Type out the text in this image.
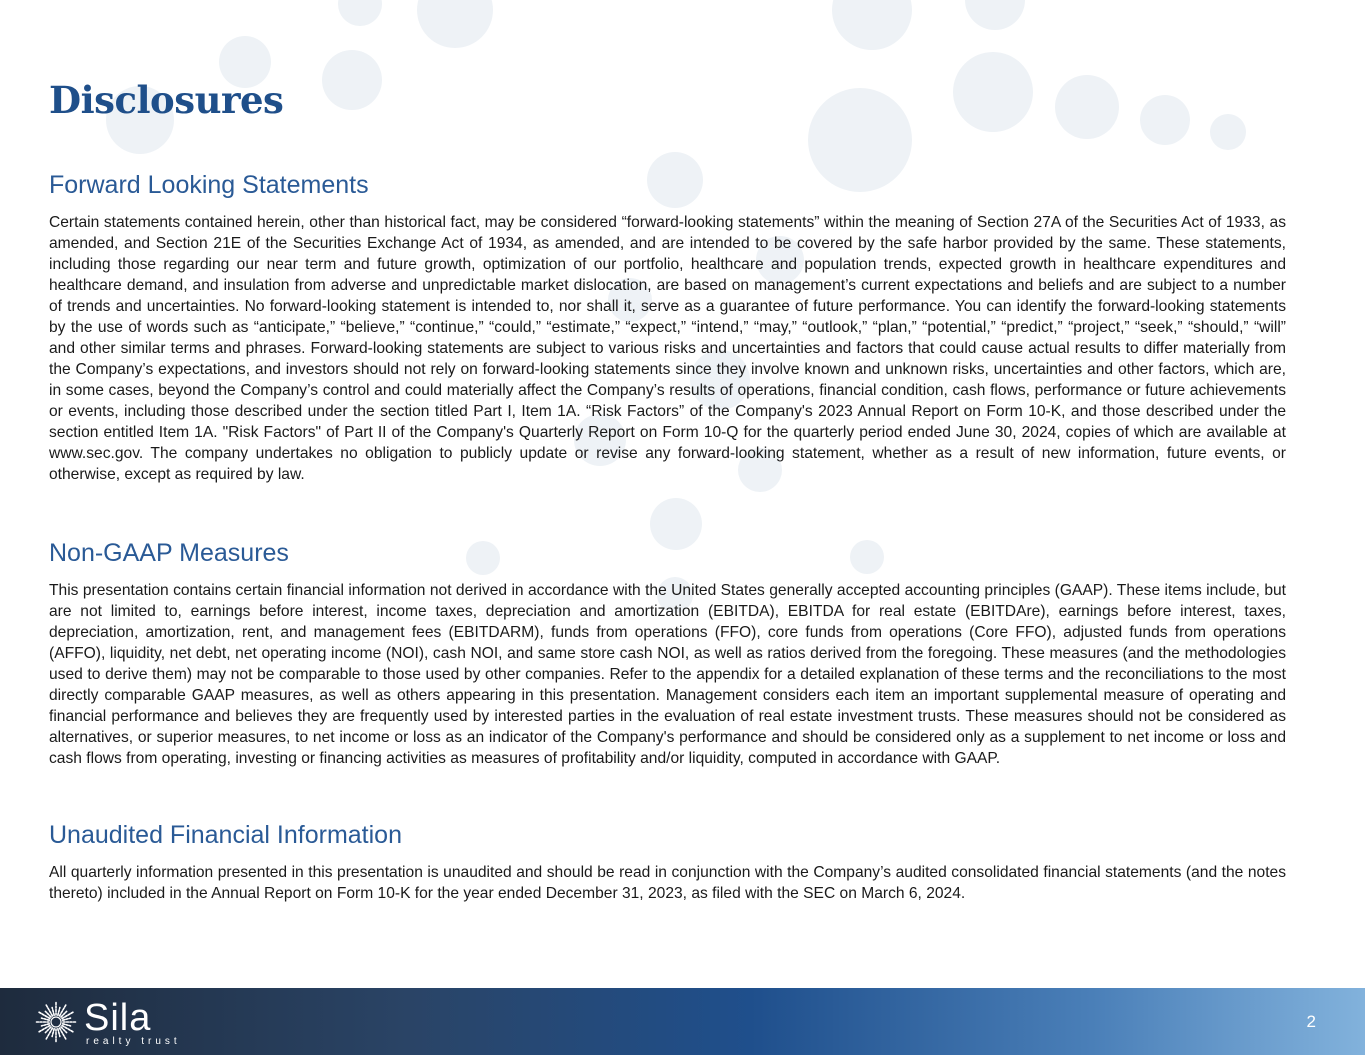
Disclosures
Forward Looking Statements

Certain statements contained herein, other than historical fact, may be considered “forward-looking statements” within the meaning of Section 27A of the Securities Act of 1933, as amended, and Section 21E of the Securities Exchange Act of 1934, as amended, and are intended to be covered by the safe harbor provided by the same. These statements, including those regarding our near term and future growth, optimization of our portfolio, healthcare and population trends, expected growth in healthcare expenditures and healthcare demand, and insulation from adverse and unpredictable market dislocation, are based on management’s current expectations and beliefs and are subject to a number of trends and uncertainties. No forward-looking statement is intended to, nor shall it, serve as a guarantee of future performance. You can identify the forward-looking statements by the use of words such as “anticipate,” “believe,” “continue,” “could,” “estimate,” “expect,” “intend,” “may,” “outlook,” “plan,” “potential,” “predict,” “project,” “seek,” “should,” “will” and other similar terms and phrases. Forward-looking statements are subject to various risks and uncertainties and factors that could cause actual results to differ materially from the Company’s expectations, and investors should not rely on forward-looking statements since they involve known and unknown risks, uncertainties and other factors, which are, in some cases, beyond the Company’s control and could materially affect the Company’s results of operations, financial condition, cash flows, performance or future achievements or events, including those described under the section titled Part I, Item 1A. “Risk Factors” of the Company's 2023 Annual Report on Form 10-K, and those described under the section entitled Item 1A. "Risk Factors" of Part II of the Company's Quarterly Report on Form 10-Q for the quarterly period ended June 30, 2024, copies of which are available at www.sec.gov. The company undertakes no obligation to publicly update or revise any forward-looking statement, whether as a result of new information, future events, or otherwise, except as required by law.

Non-GAAP Measures

This presentation contains certain financial information not derived in accordance with the United States generally accepted accounting principles (GAAP). These items include, but are not limited to, earnings before interest, income taxes, depreciation and amortization (EBITDA), EBITDA for real estate (EBITDAre), earnings before interest, taxes, depreciation, amortization, rent, and management fees (EBITDARM), funds from operations (FFO), core funds from operations (Core FFO), adjusted funds from operations (AFFO), liquidity, net debt, net operating income (NOI), cash NOI, and same store cash NOI, as well as ratios derived from the foregoing. These measures (and the methodologies used to derive them) may not be comparable to those used by other companies. Refer to the appendix for a detailed explanation of these terms and the reconciliations to the most directly comparable GAAP measures, as well as others appearing in this presentation. Management considers each item an important supplemental measure of operating and financial performance and believes they are frequently used by interested parties in the evaluation of real estate investment trusts. These measures should not be considered as alternatives, or superior measures, to net income or loss as an indicator of the Company's performance and should be considered only as a supplement to net income or loss and cash flows from operating, investing or financing activities as measures of profitability and/or liquidity, computed in accordance with GAAP.

Unaudited Financial Information

All quarterly information presented in this presentation is unaudited and should be read in conjunction with the Company’s audited consolidated financial statements (and the notes thereto) included in the Annual Report on Form 10-K for the year ended December 31, 2023, as filed with the SEC on March 6, 2024.

Sila
realty trust
2
